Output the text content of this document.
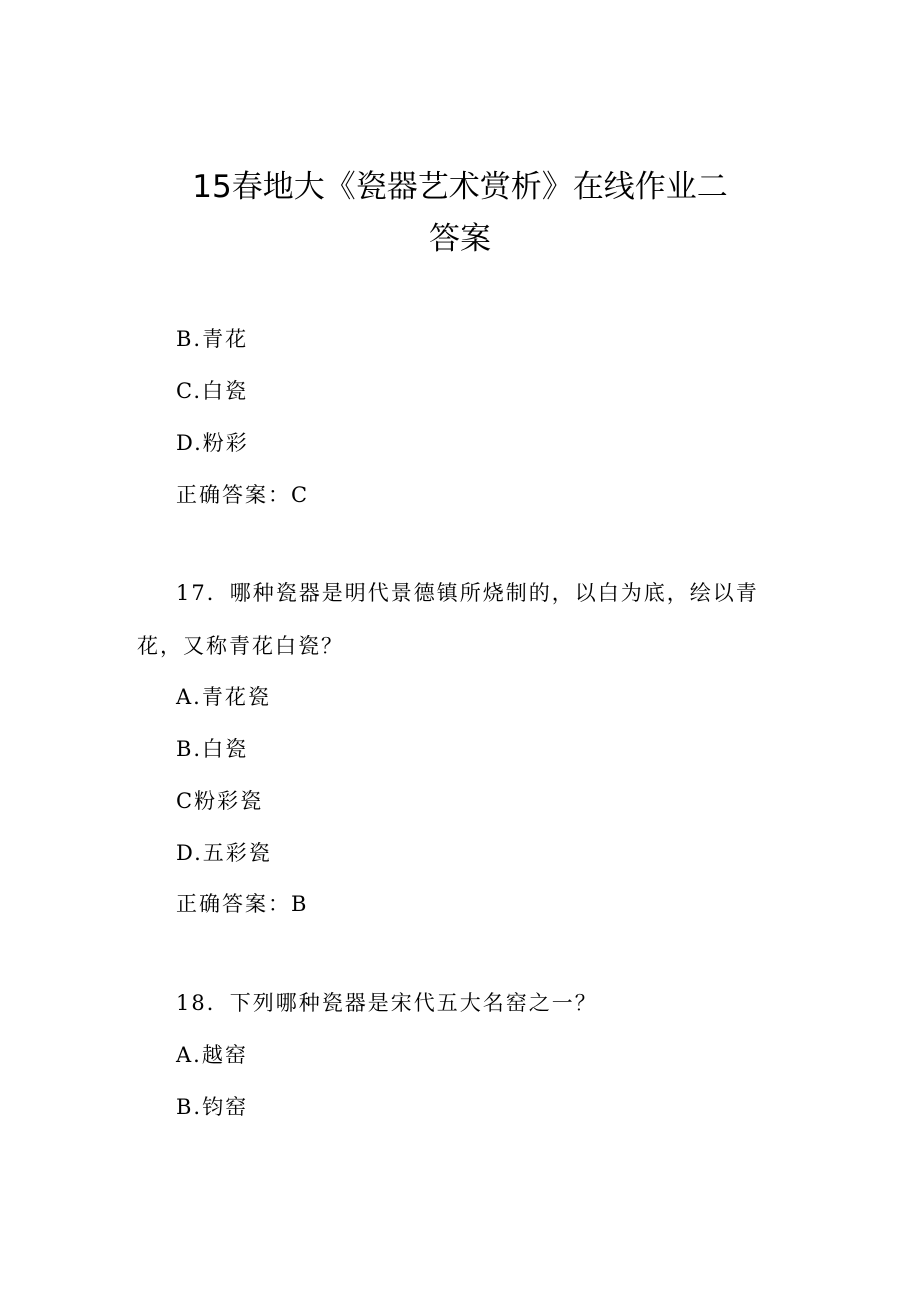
15春地大《瓷器艺术赏析》在线作业二
答案
B.青花
C.白瓷
D.粉彩
正确答案：C
17．哪种瓷器是明代景德镇所烧制的，以白为底，绘以青
花，又称青花白瓷？
A.青花瓷
B.白瓷
C粉彩瓷
D.五彩瓷
正确答案：B
18．下列哪种瓷器是宋代五大名窑之一？
A.越窑
B.钧窑
